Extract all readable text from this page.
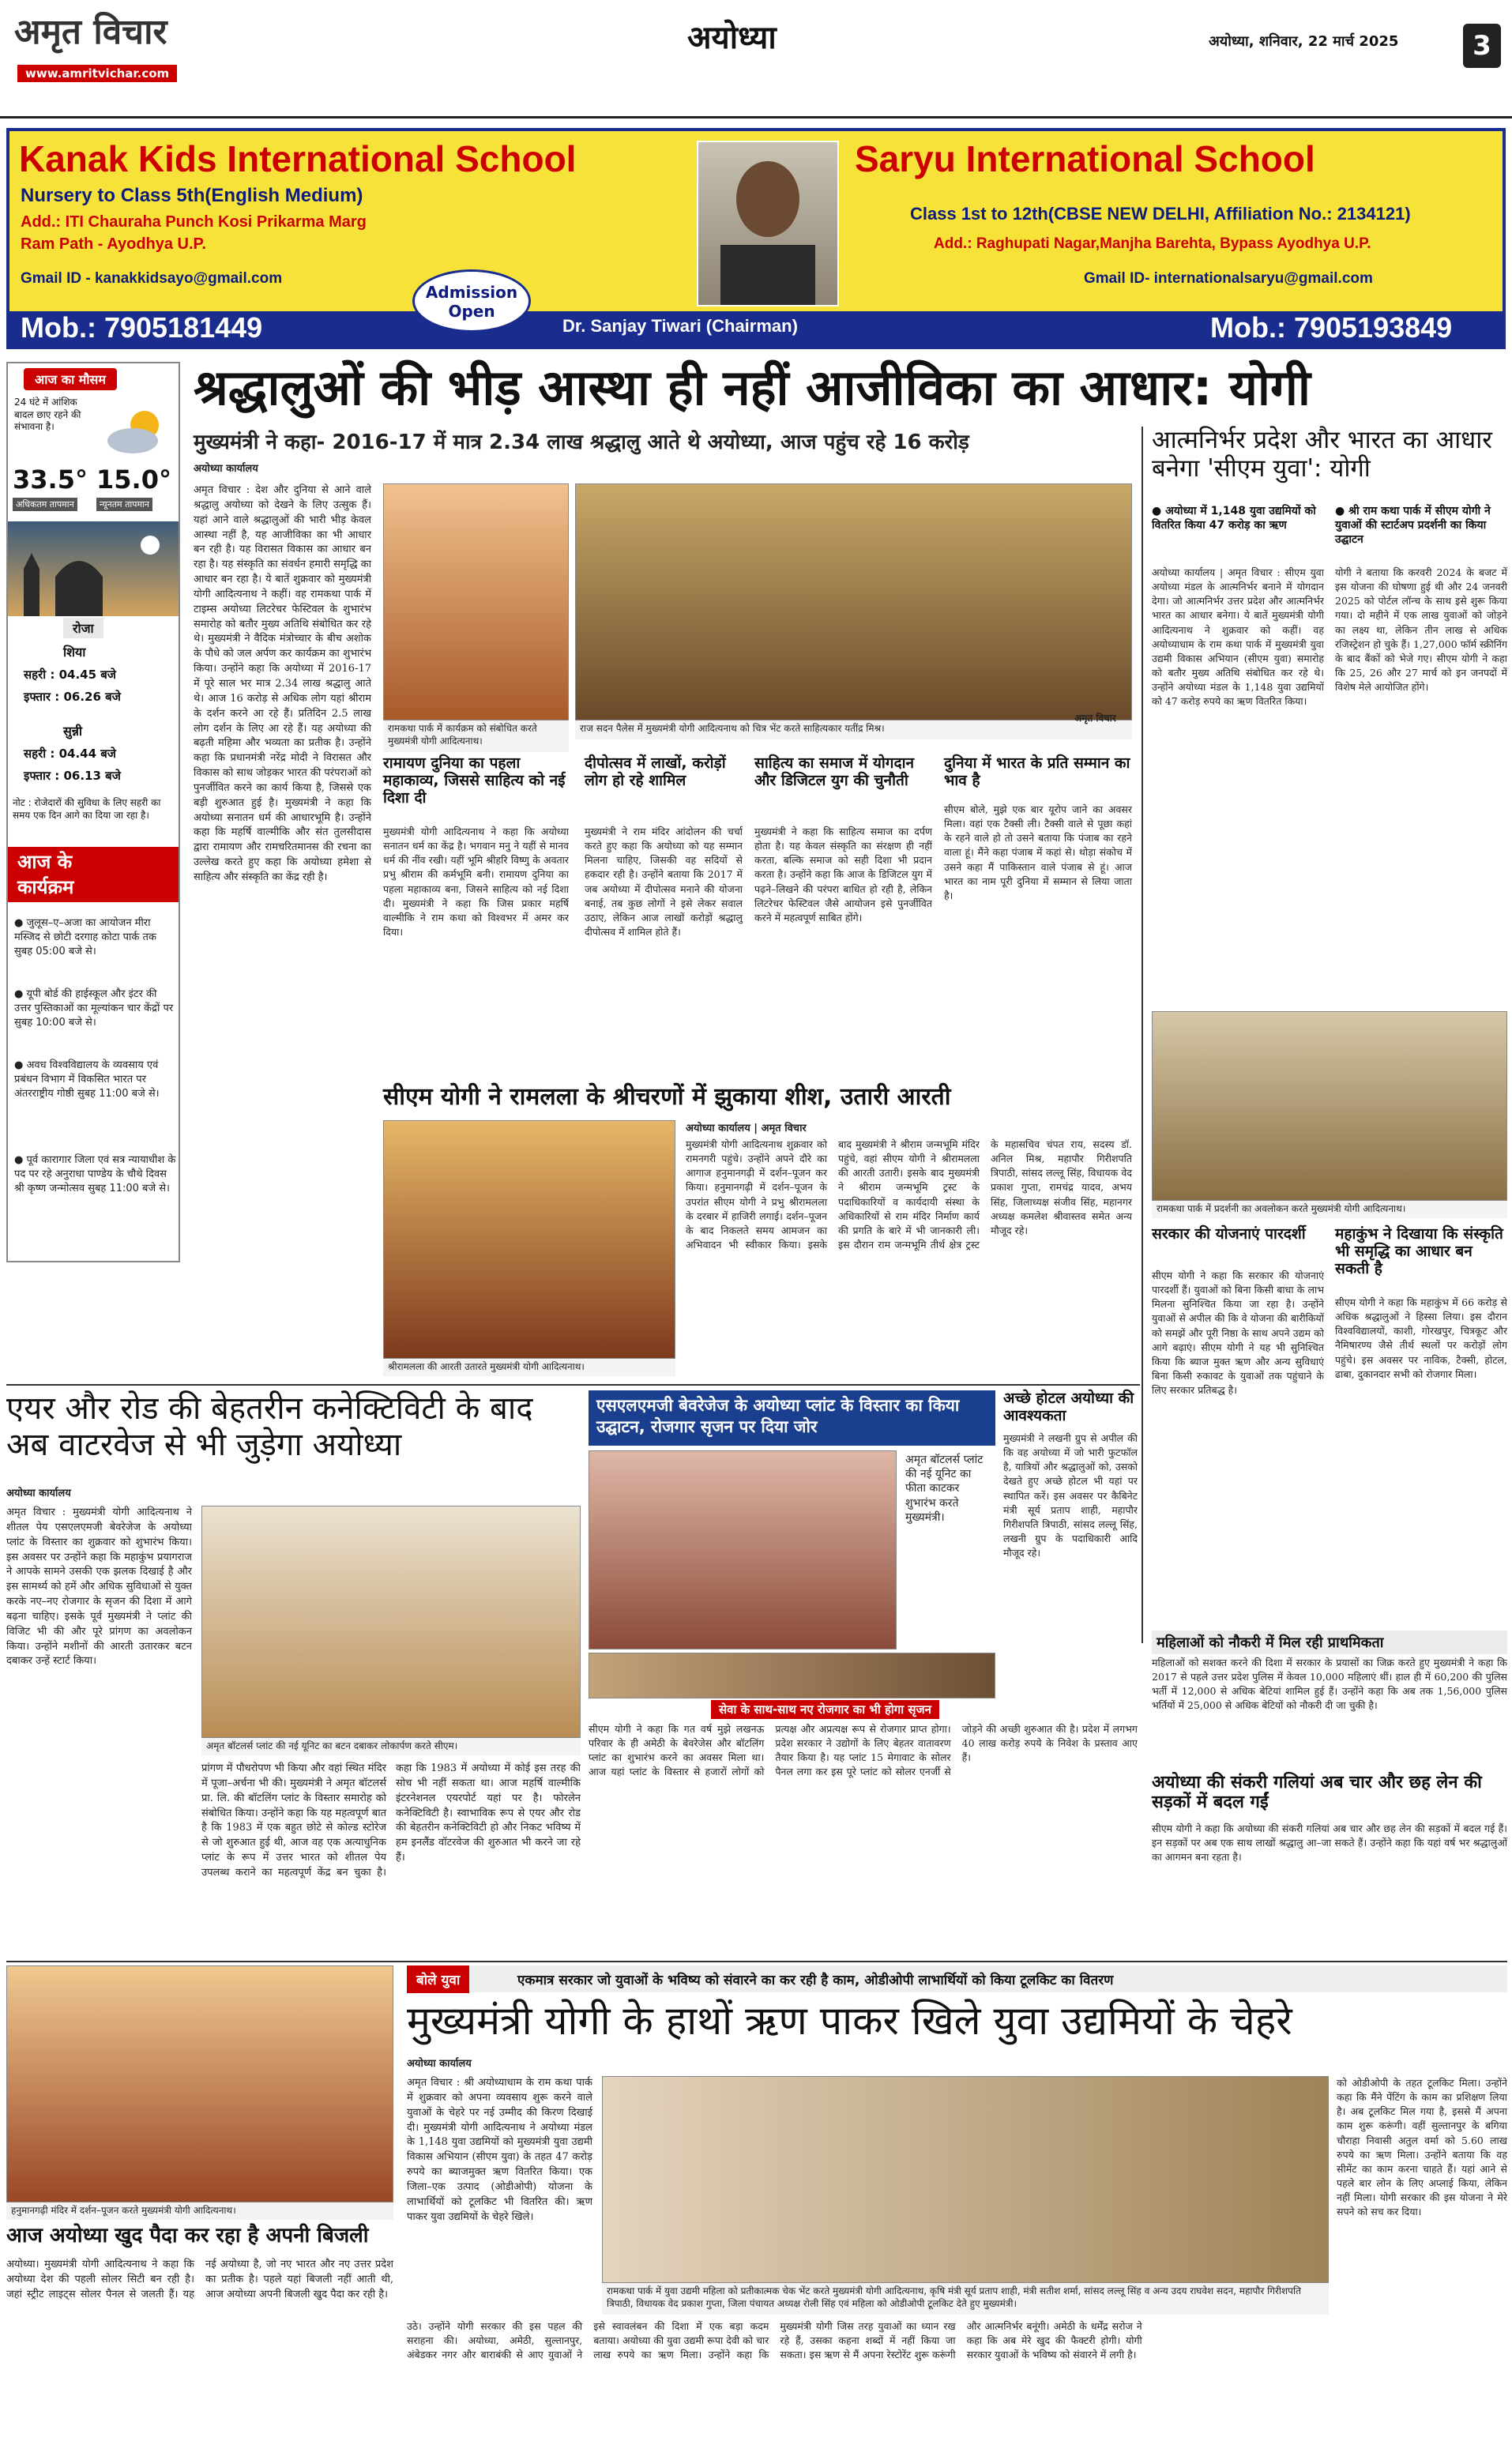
अमृत विचार
www.amritvichar.com
अयोध्या	अयोध्या, शनिवार, 22 मार्च 2025	3
Kanak Kids International School
Nursery to Class 5th(English Medium)
Add.: ITI Chauraha Punch Kosi Prikarma Marg
Ram Path - Ayodhya U.P.
Gmail ID - kanakkidsayo@gmail.com
Mob.: 7905181449
Admission Open
Dr. Sanjay Tiwari (Chairman)
Saryu International School
Class 1st to 12th(CBSE NEW DELHI, Affiliation No.: 2134121)
Add.: Raghupati Nagar,Manjha Barehta, Bypass Ayodhya U.P.
Gmail ID- internationalsaryu@gmail.com
Mob.: 7905193849
आज का मौसम
24 घंटे में आंशिक बादल छाए रहने की संभावना है।
33.5° 15.0°
अधिकतम तापमान	न्यूनतम तापमान
रोजा
शिया
सहरी : 04.45 बजे
इफ्तार : 06.26 बजे
सुन्नी
सहरी : 04.44 बजे
इफ्तार : 06.13 बजे
नोट : रोजेदारों की सुविधा के लिए सहरी का समय एक दिन आगे का दिया जा रहा है।
आज के
कार्यक्रम
● जुलूस–ए–अजा का आयोजन मीरा मस्जिद से छोटी दरगाह कोटा पार्क तक सुबह 05:00 बजे से।
● यूपी बोर्ड की हाईस्कूल और इंटर की उत्तर पुस्तिकाओं का मूल्यांकन चार केंद्रों पर सुबह 10:00 बजे से।
● अवध विश्वविद्यालय के व्यवसाय एवं प्रबंधन विभाग में विकसित भारत पर अंतरराष्ट्रीय गोष्ठी सुबह 11:00 बजे से।
● पूर्व कारागार जिला एवं सत्र न्यायाधीश के पद पर रहे अनुराधा पाण्डेय के चौथे दिवस श्री कृष्ण जन्मोत्सव सुबह 11:00 बजे से।
श्रद्धालुओं की भीड़ आस्था ही नहीं आजीविका का आधार: योगी
मुख्यमंत्री ने कहा- 2016-17 में मात्र 2.34 लाख श्रद्धालु आते थे अयोध्या, आज पहुंच रहे 16 करोड़
अयोध्या कार्यालय
अमृत विचार : देश और दुनिया से आने वाले श्रद्धालु अयोध्या को देखने के लिए उत्सुक हैं। यहां आने वाले श्रद्धालुओं की भारी भीड़ केवल आस्था नहीं है, यह आजीविका का भी आधार बन रही है। यह विरासत विकास का आधार बन रहा है। यह संस्कृति का संवर्धन हमारी समृद्धि का आधार बन रहा है। ये बातें शुक्रवार को मुख्यमंत्री योगी आदित्यनाथ ने कहीं। वह रामकथा पार्क में टाइम्स अयोध्या लिटरेचर फेस्टिवल के शुभारंभ समारोह को बतौर मुख्य अतिथि संबोधित कर रहे थे। मुख्यमंत्री ने वैदिक मंत्रोच्चार के बीच अशोक के पौधे को जल अर्पण कर कार्यक्रम का शुभारंभ किया। उन्होंने कहा कि अयोध्या में 2016-17 में पूरे साल भर मात्र 2.34 लाख श्रद्धालु आते थे। आज 16 करोड़ से अधिक लोग यहां श्रीराम के दर्शन करने आ रहे हैं। प्रतिदिन 2.5 लाख लोग दर्शन के लिए आ रहे हैं। यह अयोध्या की बढ़ती महिमा और भव्यता का प्रतीक है। उन्होंने कहा कि प्रधानमंत्री नरेंद्र मोदी ने विरासत और विकास को साथ जोड़कर भारत की परंपराओं को पुनर्जीवित करने का कार्य किया है, जिससे एक बड़ी शुरुआत हुई है। मुख्यमंत्री ने कहा कि अयोध्या सनातन धर्म की आधारभूमि है। उन्होंने कहा कि महर्षि वाल्मीकि और संत तुलसीदास द्वारा रामायण और रामचरितमानस की रचना का उल्लेख करते हुए कहा कि अयोध्या हमेशा से साहित्य और संस्कृति का केंद्र रही है।
रामकथा पार्क में कार्यक्रम को संबोधित करते मुख्यमंत्री योगी आदित्यनाथ।
राज सदन पैलेस में मुख्यमंत्री योगी आदित्यनाथ को चित्र भेंट करते साहित्यकार यतींद्र मिश्र।
अमृत विचार
रामायण दुनिया का पहला महाकाव्य, जिससे साहित्य को नई दिशा दी
मुख्यमंत्री योगी आदित्यनाथ ने कहा कि अयोध्या सनातन धर्म का केंद्र है। भगवान मनु ने यहीं से मानव धर्म की नींव रखी। यहीं भूमि श्रीहरि विष्णु के अवतार प्रभु श्रीराम की कर्मभूमि बनी। रामायण दुनिया का पहला महाकाव्य बना, जिसने साहित्य को नई दिशा दी। मुख्यमंत्री ने कहा कि जिस प्रकार महर्षि वाल्मीकि ने राम कथा को विश्वभर में अमर कर दिया।
दीपोत्सव में लाखों, करोड़ों लोग हो रहे शामिल
मुख्यमंत्री ने राम मंदिर आंदोलन की चर्चा करते हुए कहा कि अयोध्या को यह सम्मान मिलना चाहिए, जिसकी वह सदियों से हकदार रही है। उन्होंने बताया कि 2017 में जब अयोध्या में दीपोत्सव मनाने की योजना बनाई, तब कुछ लोगों ने इसे लेकर सवाल उठाए, लेकिन आज लाखों करोड़ों श्रद्धालु दीपोत्सव में शामिल होते हैं।
साहित्य का समाज में योगदान और डिजिटल युग की चुनौती
मुख्यमंत्री ने कहा कि साहित्य समाज का दर्पण होता है। यह केवल संस्कृति का संरक्षण ही नहीं करता, बल्कि समाज को सही दिशा भी प्रदान करता है। उन्होंने कहा कि आज के डिजिटल युग में पढ़ने–लिखने की परंपरा बाधित हो रही है, लेकिन लिटरेचर फेस्टिवल जैसे आयोजन इसे पुनर्जीवित करने में महत्वपूर्ण साबित होंगे।
दुनिया में भारत के प्रति सम्मान का भाव है
सीएम बोले, मुझे एक बार यूरोप जाने का अवसर मिला। वहां एक टैक्सी ली। टैक्सी वाले से पूछा कहां के रहने वाले हो तो उसने बताया कि पंजाब का रहने वाला हूं। मैंने कहा पंजाब में कहां से। थोड़ा संकोच में उसने कहा मैं पाकिस्तान वाले पंजाब से हूं। आज भारत का नाम पूरी दुनिया में सम्मान से लिया जाता है।
आत्मनिर्भर प्रदेश और भारत का आधार बनेगा 'सीएम युवा': योगी
● अयोध्या में 1,148 युवा उद्यमियों को वितरित किया 47 करोड़ का ऋण
● श्री राम कथा पार्क में सीएम योगी ने युवाओं की स्टार्टअप प्रदर्शनी का किया उद्घाटन
अयोध्या कार्यालय | अमृत विचार : सीएम युवा अयोध्या मंडल के आत्मनिर्भर बनाने में योगदान देगा। जो आत्मनिर्भर उत्तर प्रदेश और आत्मनिर्भर भारत का आधार बनेगा। ये बातें मुख्यमंत्री योगी आदित्यनाथ ने शुक्रवार को कहीं। वह अयोध्याधाम के राम कथा पार्क में मुख्यमंत्री युवा उद्यमी विकास अभियान (सीएम युवा) समारोह को बतौर मुख्य अतिथि संबोधित कर रहे थे। उन्होंने अयोध्या मंडल के 1,148 युवा उद्यमियों को 47 करोड़ रुपये का ऋण वितरित किया।
योगी ने बताया कि करवरी 2024 के बजट में इस योजना की घोषणा हुई थी और 24 जनवरी 2025 को पोर्टल लॉन्च के साथ इसे शुरू किया गया। दो महीने में एक लाख युवाओं को जोड़ने का लक्ष्य था, लेकिन तीन लाख से अधिक रजिस्ट्रेशन हो चुके हैं। 1,27,000 फॉर्म स्क्रीनिंग के बाद बैंकों को भेजे गए। सीएम योगी ने कहा कि 25, 26 और 27 मार्च को इन जनपदों में विशेष मेले आयोजित होंगे।
रामकथा पार्क में प्रदर्शनी का अवलोकन करते मुख्यमंत्री योगी आदित्यनाथ।
सरकार की योजनाएं पारदर्शी
सीएम योगी ने कहा कि सरकार की योजनाएं पारदर्शी हैं। युवाओं को बिना किसी बाधा के लाभ मिलना सुनिश्चित किया जा रहा है। उन्होंने युवाओं से अपील की कि वे योजना की बारीकियों को समझें और पूरी निष्ठा के साथ अपने उद्यम को आगे बढ़ाएं। सीएम योगी ने यह भी सुनिश्चित किया कि ब्याज मुक्त ऋण और अन्य सुविधाएं बिना किसी रुकावट के युवाओं तक पहुंचाने के लिए सरकार प्रतिबद्ध है।
महाकुंभ ने दिखाया कि संस्कृति भी समृद्धि का आधार बन सकती है
सीएम योगी ने कहा कि महाकुंभ में 66 करोड़ से अधिक श्रद्धालुओं ने हिस्सा लिया। इस दौरान विश्वविद्यालयों, काशी, गोरखपुर, चित्रकूट और नैमिषारण्य जैसे तीर्थ स्थलों पर करोड़ों लोग पहुंचे। इस अवसर पर नाविक, टैक्सी, होटल, ढाबा, दुकानदार सभी को रोजगार मिला।
सीएम योगी ने रामलला के श्रीचरणों में झुकाया शीश, उतारी आरती
श्रीरामलला की आरती उतारते मुख्यमंत्री योगी आदित्यनाथ।
अयोध्या कार्यालय | अमृत विचार
मुख्यमंत्री योगी आदित्यनाथ शुक्रवार को रामनगरी पहुंचे। उन्होंने अपने दौरे का आगाज हनुमानगढ़ी में दर्शन–पूजन कर किया। हनुमानगढ़ी में दर्शन–पूजन के उपरांत सीएम योगी ने प्रभु श्रीरामलला के दरबार में हाजिरी लगाई। दर्शन–पूजन के बाद निकलते समय आमजन का अभिवादन भी स्वीकार किया। इसके बाद मुख्यमंत्री ने श्रीराम जन्मभूमि मंदिर पहुंचे, वहां सीएम योगी ने श्रीरामलला की आरती उतारी। इसके बाद मुख्यमंत्री ने श्रीराम जन्मभूमि ट्रस्ट के पदाधिकारियों व कार्यदायी संस्था के अधिकारियों से राम मंदिर निर्माण कार्य की प्रगति के बारे में भी जानकारी ली। इस दौरान राम जन्मभूमि तीर्थ क्षेत्र ट्रस्ट के महासचिव चंपत राय, सदस्य डॉ. अनिल मिश्र, महापौर गिरीशपति त्रिपाठी, सांसद लल्लू सिंह, विधायक वेद प्रकाश गुप्ता, रामचंद्र यादव, अभय सिंह, जिलाध्यक्ष संजीव सिंह, महानगर अध्यक्ष कमलेश श्रीवास्तव समेत अन्य मौजूद रहे।
एयर और रोड की बेहतरीन कनेक्टिविटी के बाद अब वाटरवेज से भी जुड़ेगा अयोध्या
अयोध्या कार्यालय
अमृत विचार : मुख्यमंत्री योगी आदित्यनाथ ने शीतल पेय एसएलएमजी बेवरेजेज के अयोध्या प्लांट के विस्तार का शुक्रवार को शुभारंभ किया। इस अवसर पर उन्होंने कहा कि महाकुंभ प्रयागराज ने आपके सामने उसकी एक झलक दिखाई है और इस सामर्थ्य को हमें और अधिक सुविधाओं से युक्त करके नए–नए रोजगार के सृजन की दिशा में आगे बढ़ना चाहिए। इसके पूर्व मुख्यमंत्री ने प्लांट की विजिट भी की और पूरे प्रांगण का अवलोकन किया। उन्होंने मशीनों की आरती उतारकर बटन दबाकर उन्हें स्टार्ट किया।
अमृत बॉटलर्स प्लांट की नई यूनिट का बटन दबाकर लोकार्पण करते सीएम।
प्रांगण में पौधरोपण भी किया और वहां स्थित मंदिर में पूजा–अर्चना भी की। मुख्यमंत्री ने अमृत बॉटलर्स प्रा. लि. की बॉटलिंग प्लांट के विस्तार समारोह को संबोधित किया। उन्होंने कहा कि यह महत्वपूर्ण बात है कि 1983 में एक बहुत छोटे से कोल्ड स्टोरेज से जो शुरुआत हुई थी, आज वह एक अत्याधुनिक प्लांट के रूप में उत्तर भारत को शीतल पेय उपलब्ध कराने का महत्वपूर्ण केंद्र बन चुका है। कहा कि 1983 में अयोध्या में कोई इस तरह की सोच भी नहीं सकता था। आज महर्षि वाल्मीकि इंटरनेशनल एयरपोर्ट यहां पर है। फोरलेन कनेक्टिविटी है। स्वाभाविक रूप से एयर और रोड की बेहतरीन कनेक्टिविटी हो और निकट भविष्य में हम इनलैंड वॉटरवेज की शुरुआत भी करने जा रहे हैं।
एसएलएमजी बेवरेजेज के अयोध्या प्लांट के विस्तार का किया उद्घाटन, रोजगार सृजन पर दिया जोर
अमृत बॉटलर्स प्लांट की नई यूनिट का फीता काटकर शुभारंभ करते मुख्यमंत्री।
सेवा के साथ-साथ नए रोजगार का भी होगा सृजन
सीएम योगी ने कहा कि गत वर्ष मुझे लखनऊ परिवार के ही अमेठी के बेवरेजेस और बॉटलिंग प्लांट का शुभारंभ करने का अवसर मिला था। आज यहां प्लांट के विस्तार से हजारों लोगों को प्रत्यक्ष और अप्रत्यक्ष रूप से रोजगार प्राप्त होगा। प्रदेश सरकार ने उद्योगों के लिए बेहतर वातावरण तैयार किया है। यह प्लांट 15 मेगावाट के सोलर पैनल लगा कर इस पूरे प्लांट को सोलर एनर्जी से जोड़ने की अच्छी शुरुआत की है। प्रदेश में लगभग 40 लाख करोड़ रुपये के निवेश के प्रस्ताव आए हैं।
अच्छे होटल अयोध्या की आवश्यकता
मुख्यमंत्री ने लखनी ग्रुप से अपील की कि वह अयोध्या में जो भारी फुटफॉल है, यात्रियों और श्रद्धालुओं को, उसको देखते हुए अच्छे होटल भी यहां पर स्थापित करें। इस अवसर पर कैबिनेट मंत्री सूर्य प्रताप शाही, महापौर गिरीशपति त्रिपाठी, सांसद लल्लू सिंह, लखनी ग्रुप के पदाधिकारी आदि मौजूद रहे।
महिलाओं को नौकरी में मिल रही प्राथमिकता
महिलाओं को सशक्त करने की दिशा में सरकार के प्रयासों का जिक्र करते हुए मुख्यमंत्री ने कहा कि 2017 से पहले उत्तर प्रदेश पुलिस में केवल 10,000 महिलाएं थीं। हाल ही में 60,200 की पुलिस भर्ती में 12,000 से अधिक बेटियां शामिल हुई हैं। उन्होंने कहा कि अब तक 1,56,000 पुलिस भर्तियों में 25,000 से अधिक बेटियों को नौकरी दी जा चुकी है।
अयोध्या की संकरी गलियां अब चार और छह लेन की सड़कों में बदल गईं
सीएम योगी ने कहा कि अयोध्या की संकरी गलियां अब चार और छह लेन की सड़कों में बदल गई हैं। इन सड़कों पर अब एक साथ लाखों श्रद्धालु आ–जा सकते हैं। उन्होंने कहा कि यहां वर्ष भर श्रद्धालुओं का आगमन बना रहता है।
हनुमानगढ़ी मंदिर में दर्शन–पूजन करते मुख्यमंत्री योगी आदित्यनाथ।
आज अयोध्या खुद पैदा कर रहा है अपनी बिजली
अयोध्या। मुख्यमंत्री योगी आदित्यनाथ ने कहा कि अयोध्या देश की पहली सोलर सिटी बन रही है। जहां स्ट्रीट लाइट्स सोलर पैनल से जलती हैं। यह नई अयोध्या है, जो नए भारत और नए उत्तर प्रदेश का प्रतीक है। पहले यहां बिजली नहीं आती थी, आज अयोध्या अपनी बिजली खुद पैदा कर रही है।
बोले युवा	एकमात्र सरकार जो युवाओं के भविष्य को संवारने का कर रही है काम, ओडीओपी लाभार्थियों को किया टूलकिट का वितरण
मुख्यमंत्री योगी के हाथों ऋण पाकर खिले युवा उद्यमियों के चेहरे
अयोध्या कार्यालय
अमृत विचार : श्री अयोध्याधाम के राम कथा पार्क में शुक्रवार को अपना व्यवसाय शुरू करने वाले युवाओं के चेहरे पर नई उम्मीद की किरण दिखाई दी। मुख्यमंत्री योगी आदित्यनाथ ने अयोध्या मंडल के 1,148 युवा उद्यमियों को मुख्यमंत्री युवा उद्यमी विकास अभियान (सीएम युवा) के तहत 47 करोड़ रुपये का ब्याजमुक्त ऋण वितरित किया। एक जिला–एक उत्पाद (ओडीओपी) योजना के लाभार्थियों को टूलकिट भी वितरित की। ऋण पाकर युवा उद्यमियों के चेहरे खिले।
रामकथा पार्क में युवा उद्यमी महिला को प्रतीकात्मक चेक भेंट करते मुख्यमंत्री योगी आदित्यनाथ, कृषि मंत्री सूर्य प्रताप शाही, मंत्री सतीश शर्मा, सांसद लल्लू सिंह व अन्य उदय राघवेश सदन, महापौर गिरीशपति त्रिपाठी, विधायक वेद प्रकाश गुप्ता, जिला पंचायत अध्यक्ष रोली सिंह एवं महिला को ओडीओपी टूलकिट देते हुए मुख्यमंत्री।
को ओडीओपी के तहत टूलकिट मिला। उन्होंने कहा कि मैंने पेंटिंग के काम का प्रशिक्षण लिया है। अब टूलकिट मिल गया है, इससे मैं अपना काम शुरू करूंगी। वहीं सुल्तानपुर के बगिया चौराहा निवासी अतुल वर्मा को 5.60 लाख रुपये का ऋण मिला। उन्होंने बताया कि वह सीमेंट का काम करना चाहते हैं। यहां आने से पहले बार लोन के लिए अप्लाई किया, लेकिन नहीं मिला। योगी सरकार की इस योजना ने मेरे सपने को सच कर दिया।
उठे। उन्होंने योगी सरकार की इस पहल की सराहना की। अयोध्या, अमेठी, सुल्तानपुर, अंबेडकर नगर और बाराबंकी से आए युवाओं ने इसे स्वावलंबन की दिशा में एक बड़ा कदम बताया। अयोध्या की युवा उद्यमी रूपा देवी को चार लाख रुपये का ऋण मिला। उन्होंने कहा कि मुख्यमंत्री योगी जिस तरह युवाओं का ध्यान रख रहे हैं, उसका कहना शब्दों में नहीं किया जा सकता। इस ऋण से मैं अपना रेस्टोरेंट शुरू करूंगी और आत्मनिर्भर बनूंगी। अमेठी के धर्मेंद्र सरोज ने कहा कि अब मेरे खुद की फैक्टरी होगी। योगी सरकार युवाओं के भविष्य को संवारने में लगी है।
